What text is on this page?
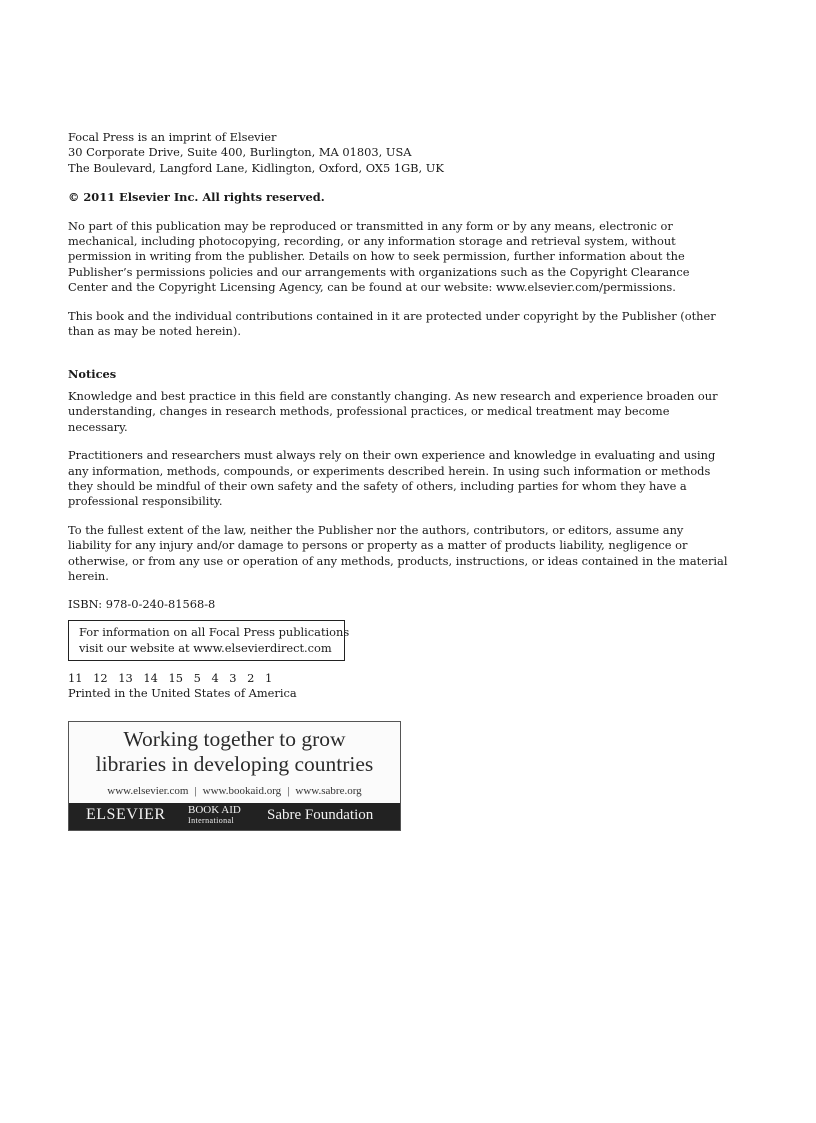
Focal Press is an imprint of Elsevier
30 Corporate Drive, Suite 400, Burlington, MA 01803, USA
The Boulevard, Langford Lane, Kidlington, Oxford, OX5 1GB, UK

© 2011 Elsevier Inc. All rights reserved.

No part of this publication may be reproduced or transmitted in any form or by any means, electronic or mechanical, including photocopying, recording, or any information storage and retrieval system, without permission in writing from the publisher. Details on how to seek permission, further information about the Publisher’s permissions policies and our arrangements with organizations such as the Copyright Clearance Center and the Copyright Licensing Agency, can be found at our website: www.elsevier.com/permissions.

This book and the individual contributions contained in it are protected under copyright by the Publisher (other than as may be noted herein).

Notices

Knowledge and best practice in this field are constantly changing. As new research and experience broaden our understanding, changes in research methods, professional practices, or medical treatment may become necessary.

Practitioners and researchers must always rely on their own experience and knowledge in evaluating and using any information, methods, compounds, or experiments described herein. In using such information or methods they should be mindful of their own safety and the safety of others, including parties for whom they have a professional responsibility.

To the fullest extent of the law, neither the Publisher nor the authors, contributors, or editors, assume any liability for any injury and/or damage to persons or property as a matter of products liability, negligence or otherwise, or from any use or operation of any methods, products, instructions, or ideas contained in the material herein.

ISBN: 978-0-240-81568-8

For information on all Focal Press publications
visit our website at www.elsevierdirect.com

11 12 13 14 15 5 4 3 2 1

Printed in the United States of America

Working together to grow
libraries in developing countries
www.elsevier.com | www.bookaid.org | www.sabre.org
ELSEVIER BOOK AID
International	Sabre Foundation
